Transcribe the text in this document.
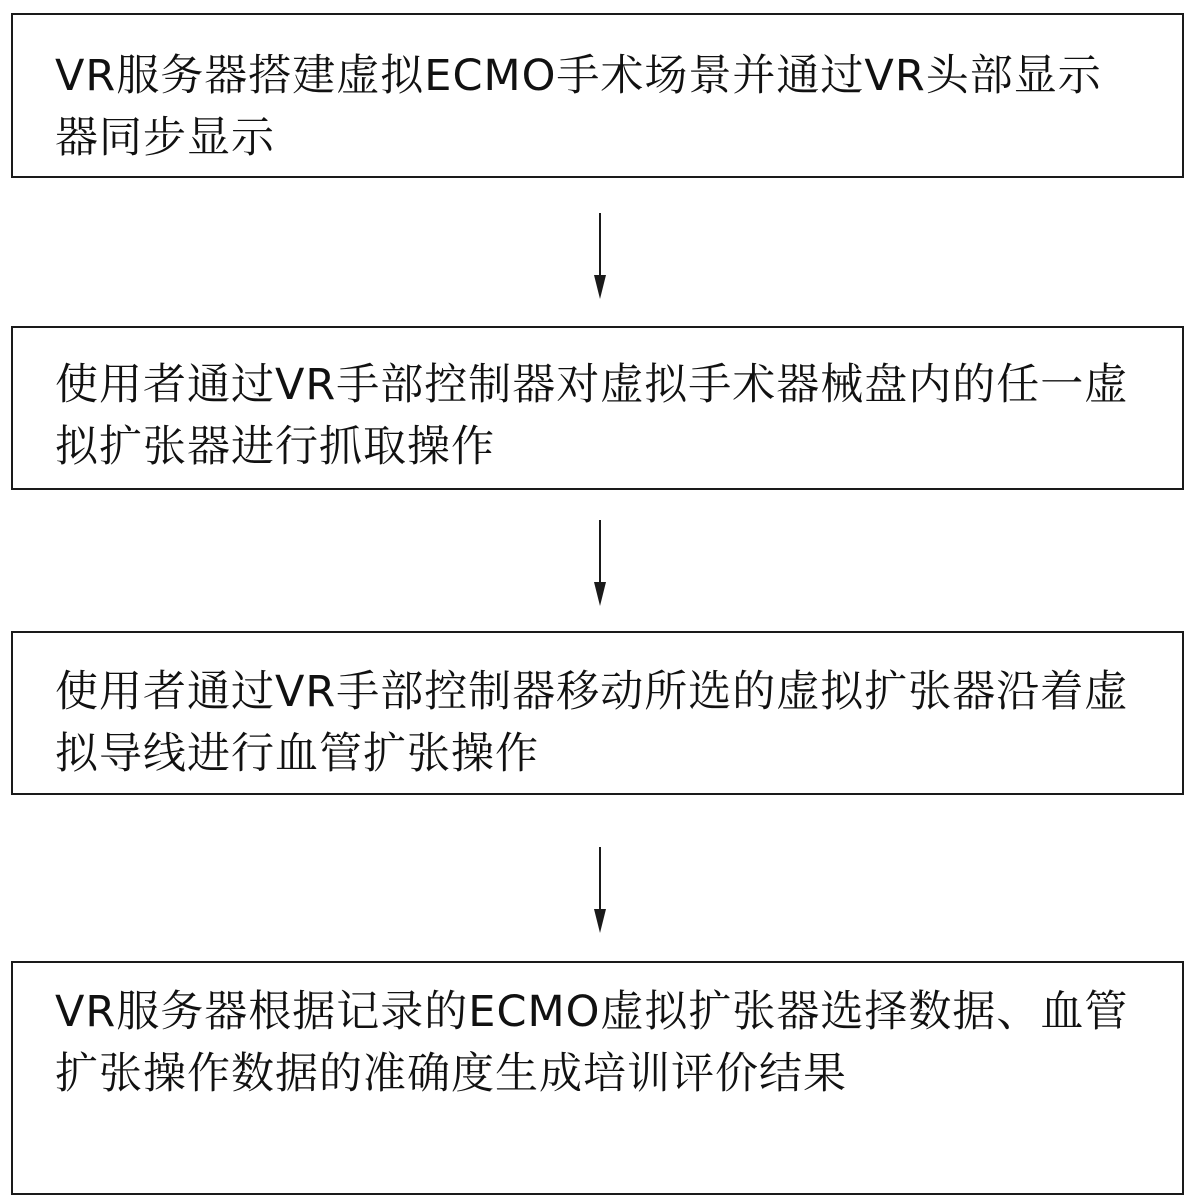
VR服务器搭建虚拟ECMO手术场景并通过VR头部显示器同步显示
使用者通过VR手部控制器对虚拟手术器械盘内的任一虚拟扩张器进行抓取操作
使用者通过VR手部控制器移动所选的虚拟扩张器沿着虚拟导线进行血管扩张操作
VR服务器根据记录的ECMO虚拟扩张器选择数据、血管扩张操作数据的准确度生成培训评价结果
